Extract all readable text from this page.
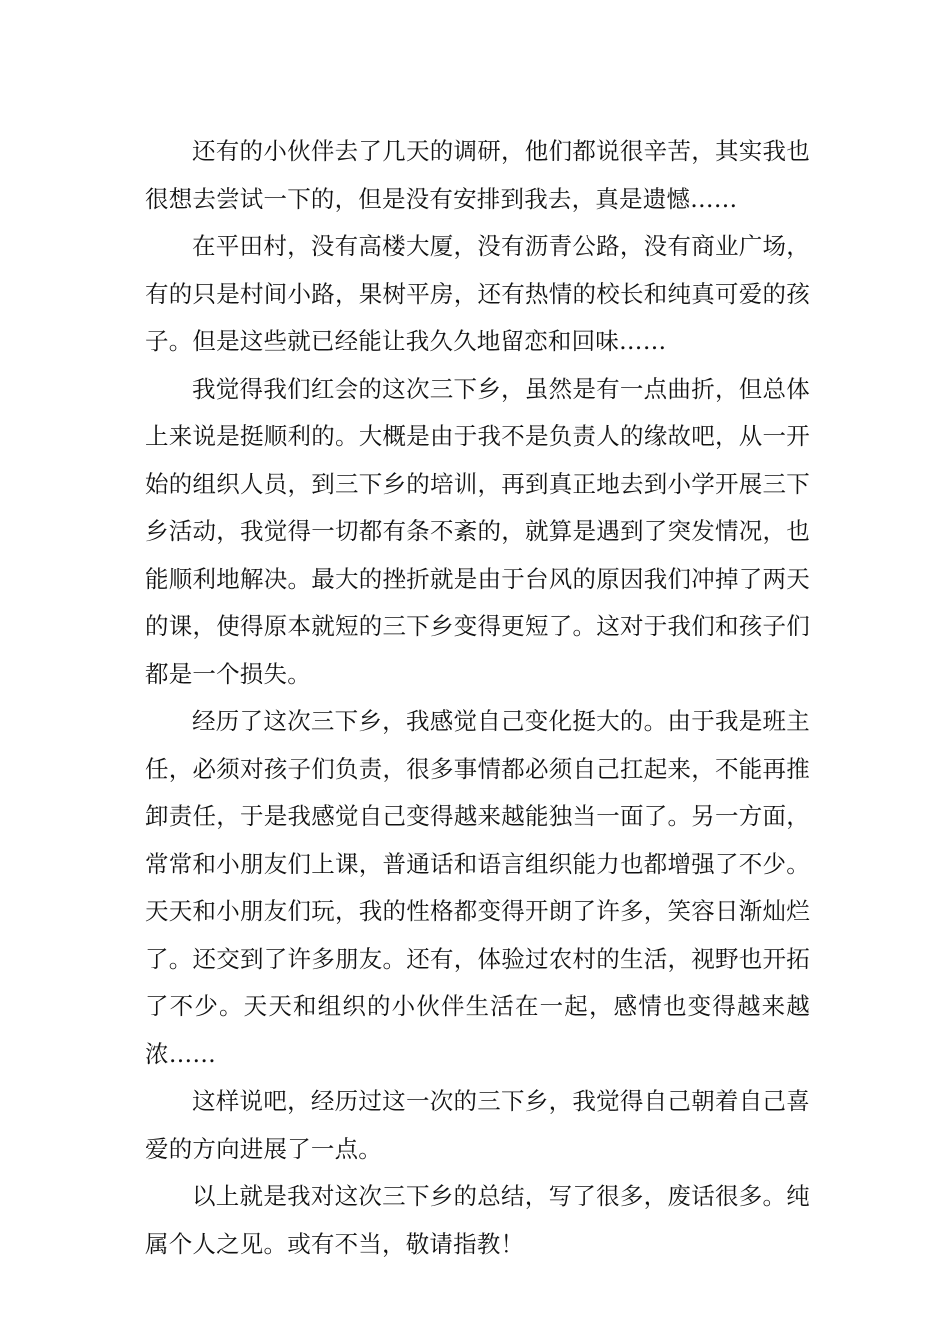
还有的小伙伴去了几天的调研，他们都说很辛苦，其实我也很想去尝试一下的，但是没有安排到我去，真是遗憾……

在平田村，没有高楼大厦，没有沥青公路，没有商业广场，有的只是村间小路，果树平房，还有热情的校长和纯真可爱的孩子。但是这些就已经能让我久久地留恋和回味……

我觉得我们红会的这次三下乡，虽然是有一点曲折，但总体上来说是挺顺利的。大概是由于我不是负责人的缘故吧，从一开始的组织人员，到三下乡的培训，再到真正地去到小学开展三下乡活动，我觉得一切都有条不紊的，就算是遇到了突发情况，也能顺利地解决。最大的挫折就是由于台风的原因我们冲掉了两天的课，使得原本就短的三下乡变得更短了。这对于我们和孩子们都是一个损失。

经历了这次三下乡，我感觉自己变化挺大的。由于我是班主任，必须对孩子们负责，很多事情都必须自己扛起来，不能再推卸责任，于是我感觉自己变得越来越能独当一面了。另一方面，常常和小朋友们上课，普通话和语言组织能力也都增强了不少。天天和小朋友们玩，我的性格都变得开朗了许多，笑容日渐灿烂了。还交到了许多朋友。还有，体验过农村的生活，视野也开拓了不少。天天和组织的小伙伴生活在一起，感情也变得越来越浓……

这样说吧，经历过这一次的三下乡，我觉得自己朝着自己喜爱的方向进展了一点。

以上就是我对这次三下乡的总结，写了很多，废话很多。纯属个人之见。或有不当，敬请指教！
